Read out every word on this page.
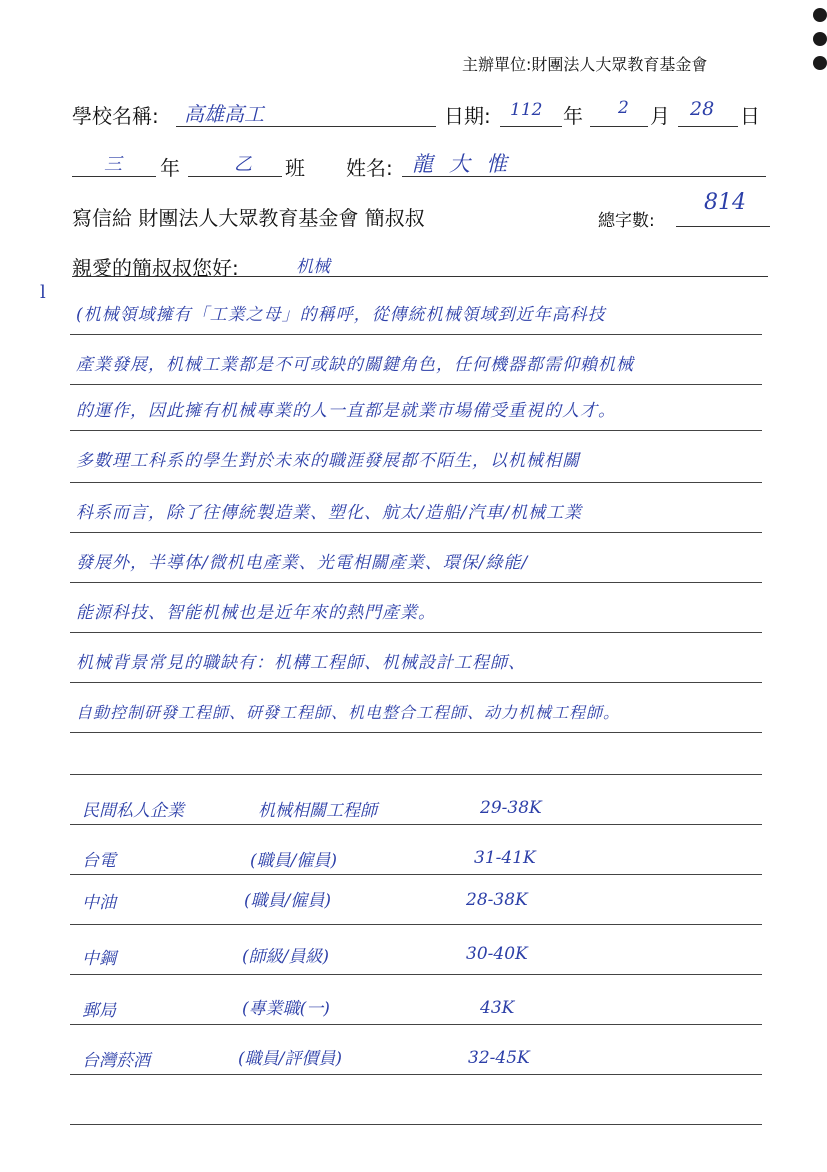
主辦單位:財團法人大眾教育基金會
學校名稱: 高雄高工	日期: 112 年 2 月 28 日
三 年	乙 班 姓名: 龍大惟
寫信給 財團法人大眾教育基金會 簡叔叔	總字數:
814
親愛的簡叔叔您好:	机械
l
(机械領域擁有「工業之母」的稱呼，從傳統机械領域到近年高科技
產業發展，机械工業都是不可或缺的關鍵角色，任何機器都需仰賴机械
的運作，因此擁有机械專業的人一直都是就業市場備受重視的人才。
多數理工科系的學生對於未來的職涯發展都不陌生，以机械相關
科系而言，除了往傳統製造業、塑化、航太/造船/汽車/机械工業
發展外，半導体/微机电產業、光電相關產業、環保/綠能/
能源科技、智能机械也是近年來的熱門產業。
机械背景常見的職缺有：机構工程師、机械設計工程師、
自動控制研發工程師、研發工程師、机电整合工程師、动力机械工程師。
民間私人企業	机械相關工程師	29-38K
台電	(職員/僱員)	31-41K
中油	(職員/僱員)	28-38K
中鋼	(師級/員級)	30-40K
郵局	(專業職(一)	43K
台灣菸酒	(職員/評價員)	32-45K
